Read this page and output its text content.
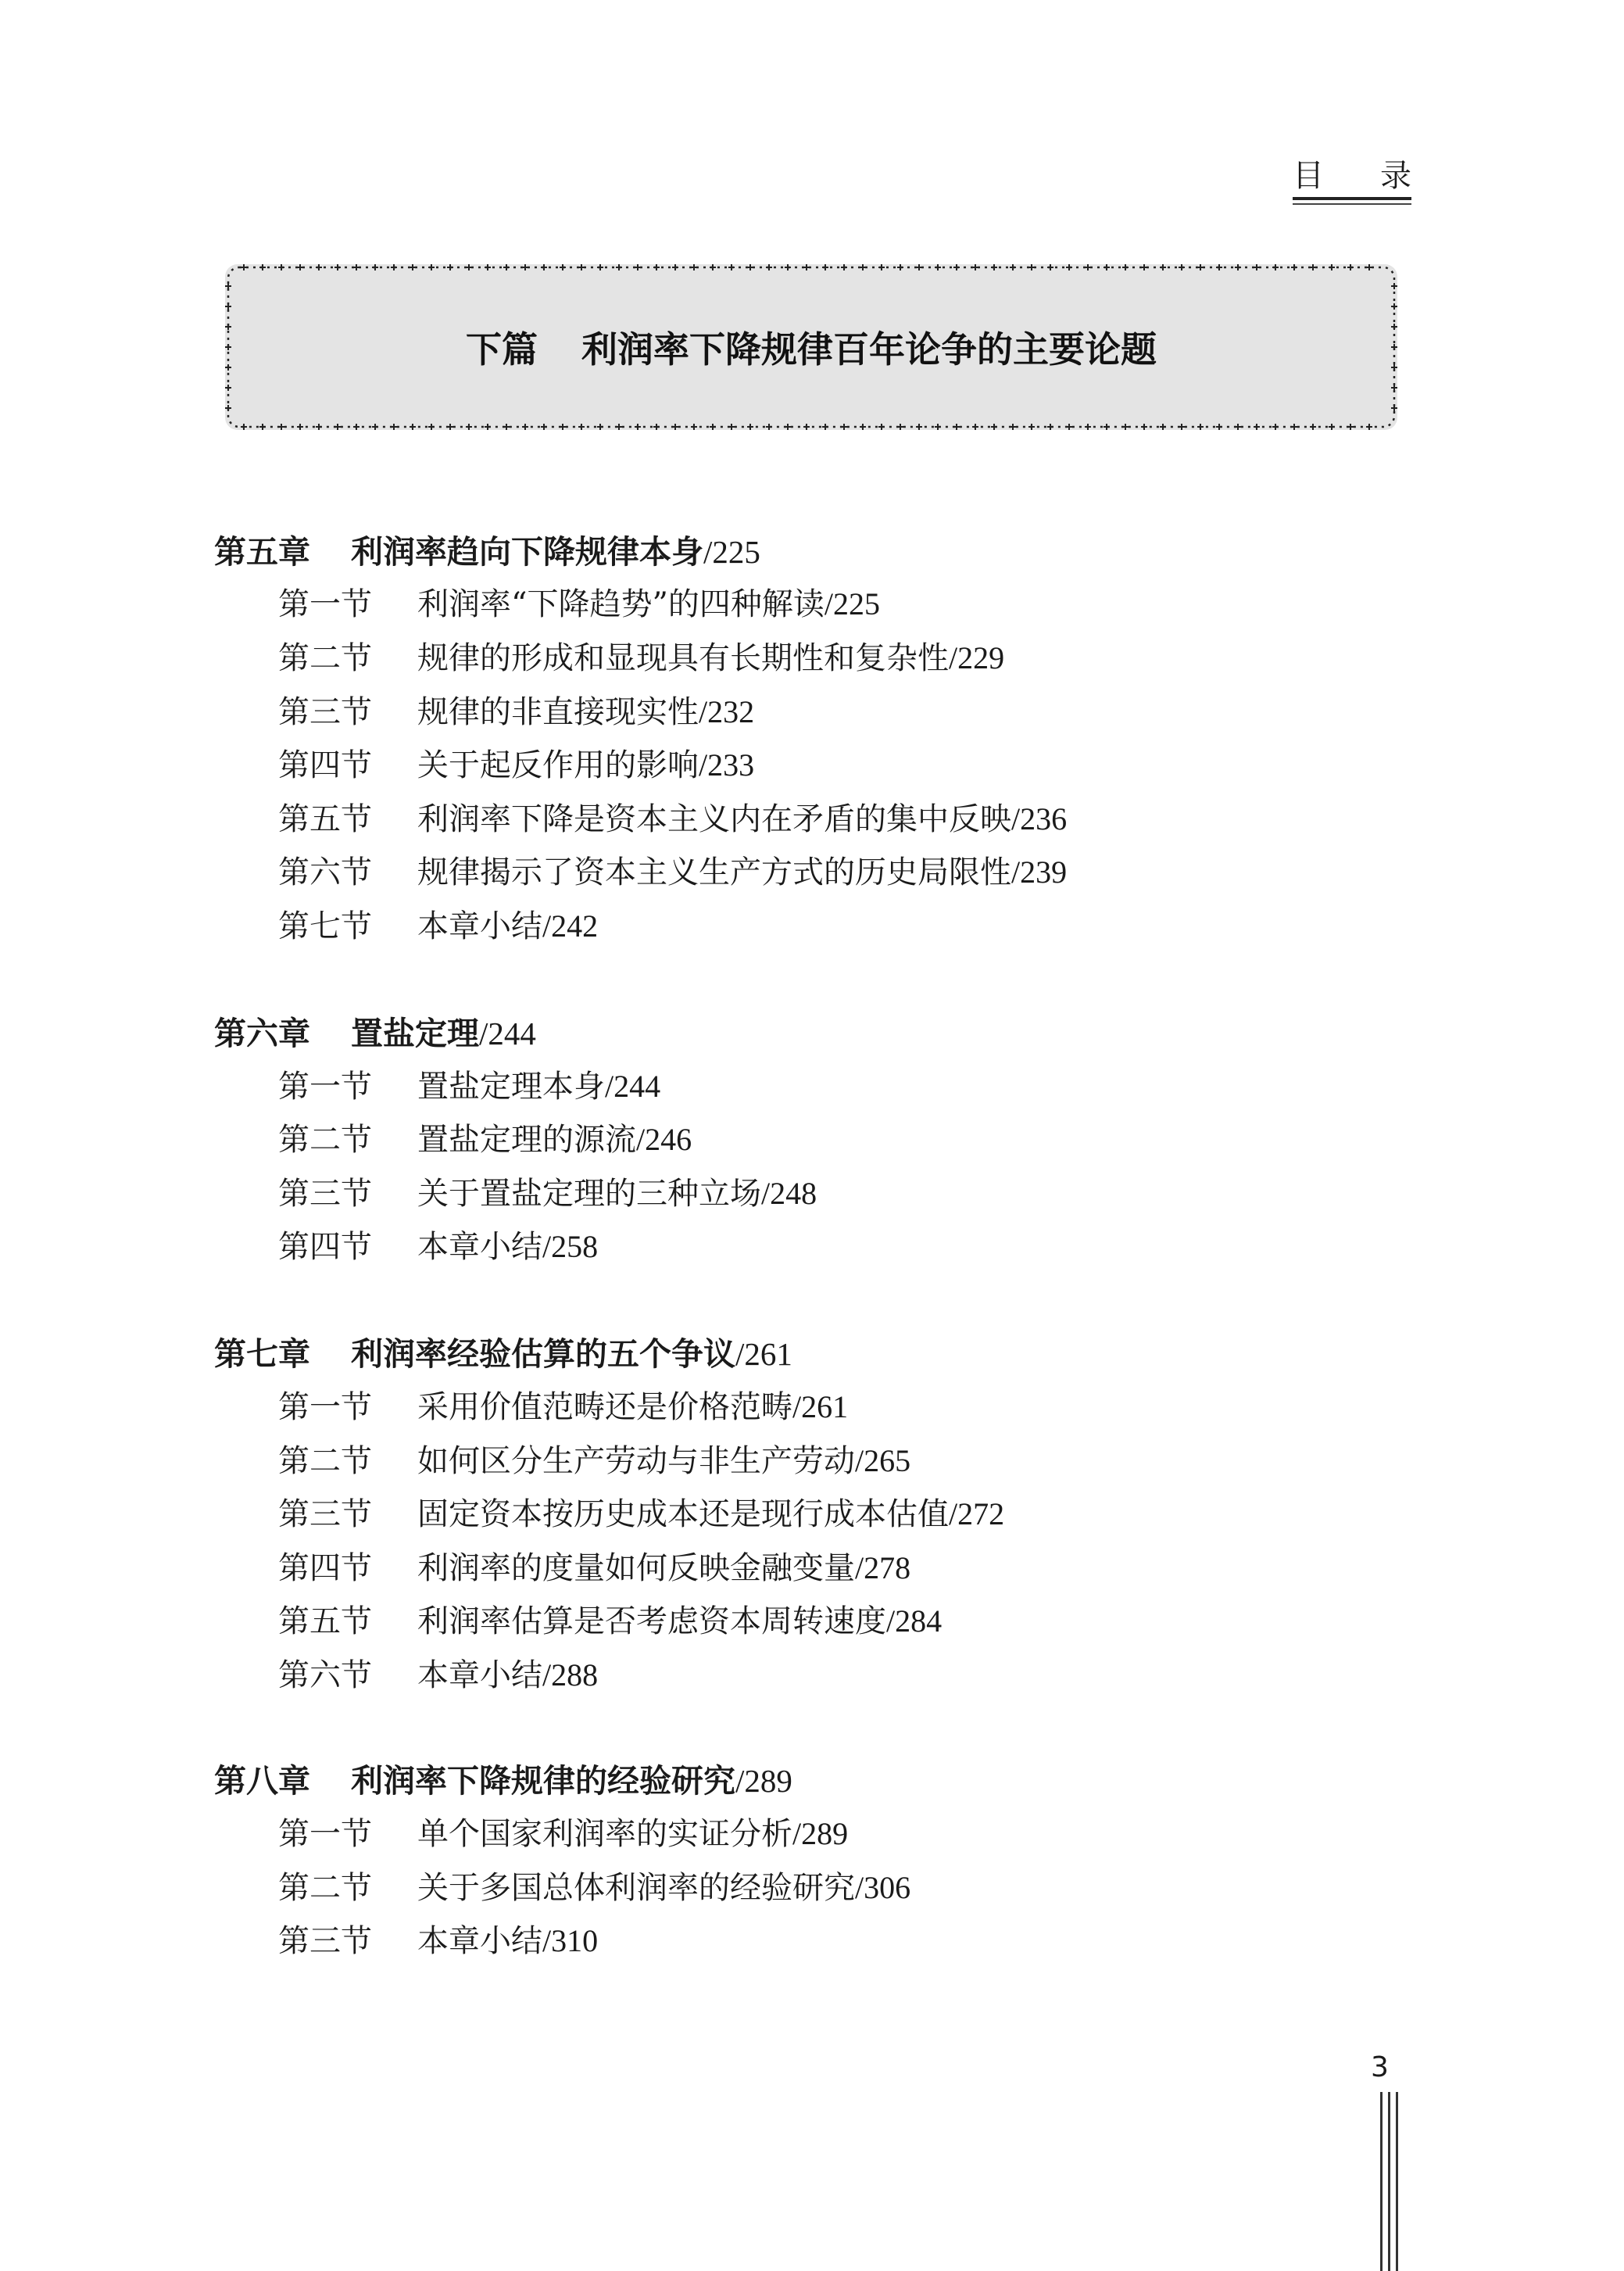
目 录
下篇 利润率下降规律百年论争的主要论题
第五章 利润率趋向下降规律本身/225
第一节 利润率“下降趋势”的四种解读/225
第二节 规律的形成和显现具有长期性和复杂性/229
第三节 规律的非直接现实性/232
第四节 关于起反作用的影响/233
第五节 利润率下降是资本主义内在矛盾的集中反映/236
第六节 规律揭示了资本主义生产方式的历史局限性/239
第七节 本章小结/242
第六章 置盐定理/244
第一节 置盐定理本身/244
第二节 置盐定理的源流/246
第三节 关于置盐定理的三种立场/248
第四节 本章小结/258
第七章 利润率经验估算的五个争议/261
第一节 采用价值范畴还是价格范畴/261
第二节 如何区分生产劳动与非生产劳动/265
第三节 固定资本按历史成本还是现行成本估值/272
第四节 利润率的度量如何反映金融变量/278
第五节 利润率估算是否考虑资本周转速度/284
第六节 本章小结/288
第八章 利润率下降规律的经验研究/289
第一节 单个国家利润率的实证分析/289
第二节 关于多国总体利润率的经验研究/306
第三节 本章小结/310
3
